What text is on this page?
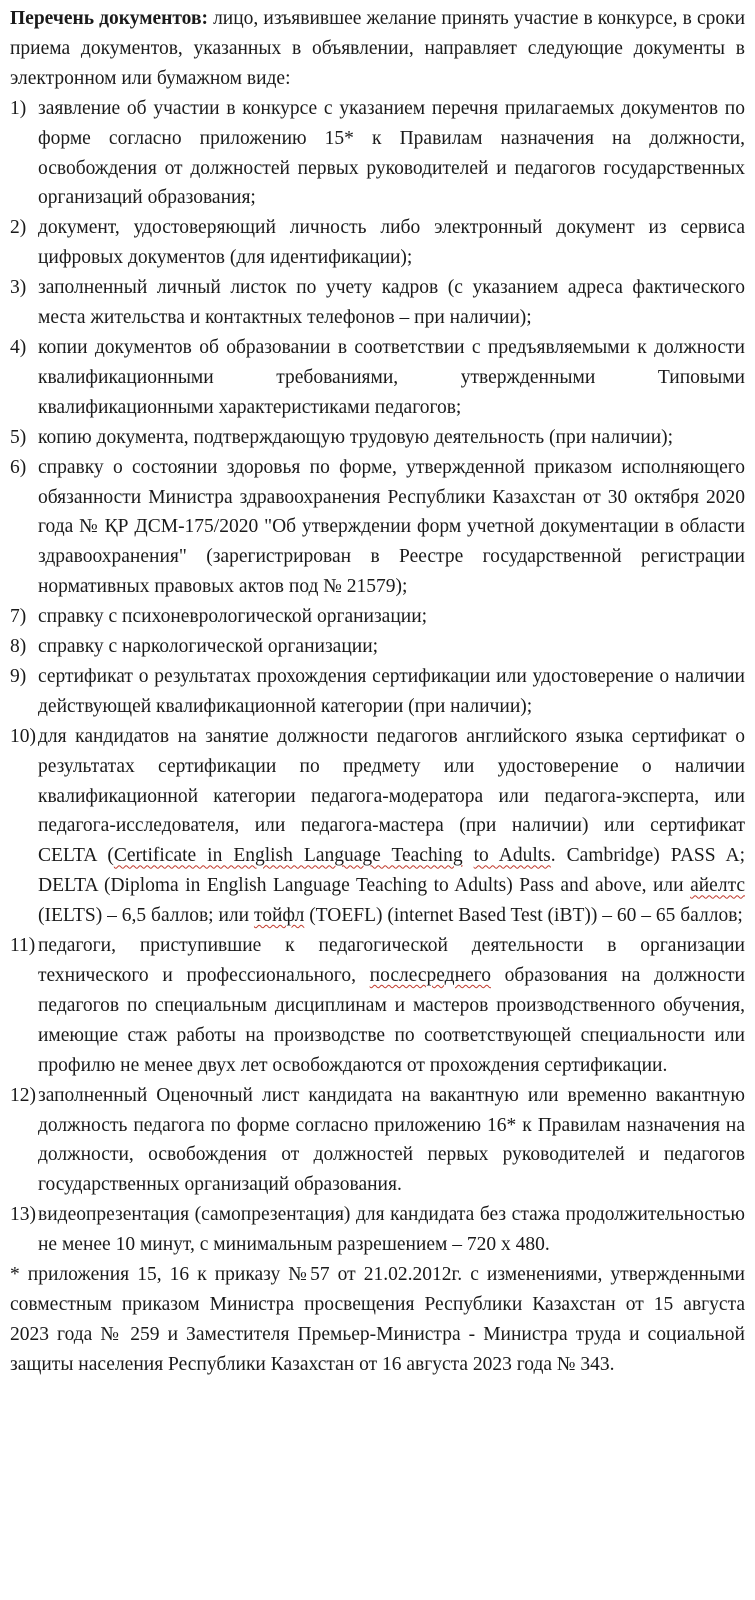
Перечень документов: лицо, изъявившее желание принять участие в конкурсе, в сроки приема документов, указанных в объявлении, направляет следующие документы в электронном или бумажном виде:

1) заявление об участии в конкурсе с указанием перечня прилагаемых документов по форме согласно приложению 15* к Правилам назначения на должности, освобождения от должностей первых руководителей и педагогов государственных организаций образования;
2) документ, удостоверяющий личность либо электронный документ из сервиса цифровых документов (для идентификации);
3) заполненный личный листок по учету кадров (с указанием адреса фактического места жительства и контактных телефонов – при наличии);
4) копии документов об образовании в соответствии с предъявляемыми к должности квалификационными требованиями, утвержденными Типовыми квалификационными характеристиками педагогов;
5) копию документа, подтверждающую трудовую деятельность (при наличии);
6) справку о состоянии здоровья по форме, утвержденной приказом исполняющего обязанности Министра здравоохранения Республики Казахстан от 30 октября 2020 года № ҚР ДСМ-175/2020 "Об утверждении форм учетной документации в области здравоохранения" (зарегистрирован в Реестре государственной регистрации нормативных правовых актов под № 21579);
7) справку с психоневрологической организации;
8) справку с наркологической организации;
9) сертификат о результатах прохождения сертификации или удостоверение о наличии действующей квалификационной категории (при наличии);
10) для кандидатов на занятие должности педагогов английского языка сертификат о результатах сертификации по предмету или удостоверение о наличии квалификационной категории педагога-модератора или педагога-эксперта, или педагога-исследователя, или педагога-мастера (при наличии) или сертификат CELTA (Certificate in English Language Teaching to Adults. Cambridge) PASS A; DELTA (Diploma in English Language Teaching to Adults) Pass and above, или айелтс (IELTS) – 6,5 баллов; или тойфл (TOEFL) (internet Based Test (iBT)) – 60 – 65 баллов;
11) педагоги, приступившие к педагогической деятельности в организации технического и профессионального, послесреднего образования на должности педагогов по специальным дисциплинам и мастеров производственного обучения, имеющие стаж работы на производстве по соответствующей специальности или профилю не менее двух лет освобождаются от прохождения сертификации.
12) заполненный Оценочный лист кандидата на вакантную или временно вакантную должность педагога по форме согласно приложению 16* к Правилам назначения на должности, освобождения от должностей первых руководителей и педагогов государственных организаций образования.
13) видеопрезентация (самопрезентация) для кандидата без стажа продолжительностью не менее 10 минут, с минимальным разрешением – 720 х 480.

* приложения 15, 16 к приказу №57 от 21.02.2012г. с изменениями, утвержденными совместным приказом Министра просвещения Республики Казахстан от 15 августа 2023 года № 259 и Заместителя Премьер-Министра - Министра труда и социальной защиты населения Республики Казахстан от 16 августа 2023 года № 343.
